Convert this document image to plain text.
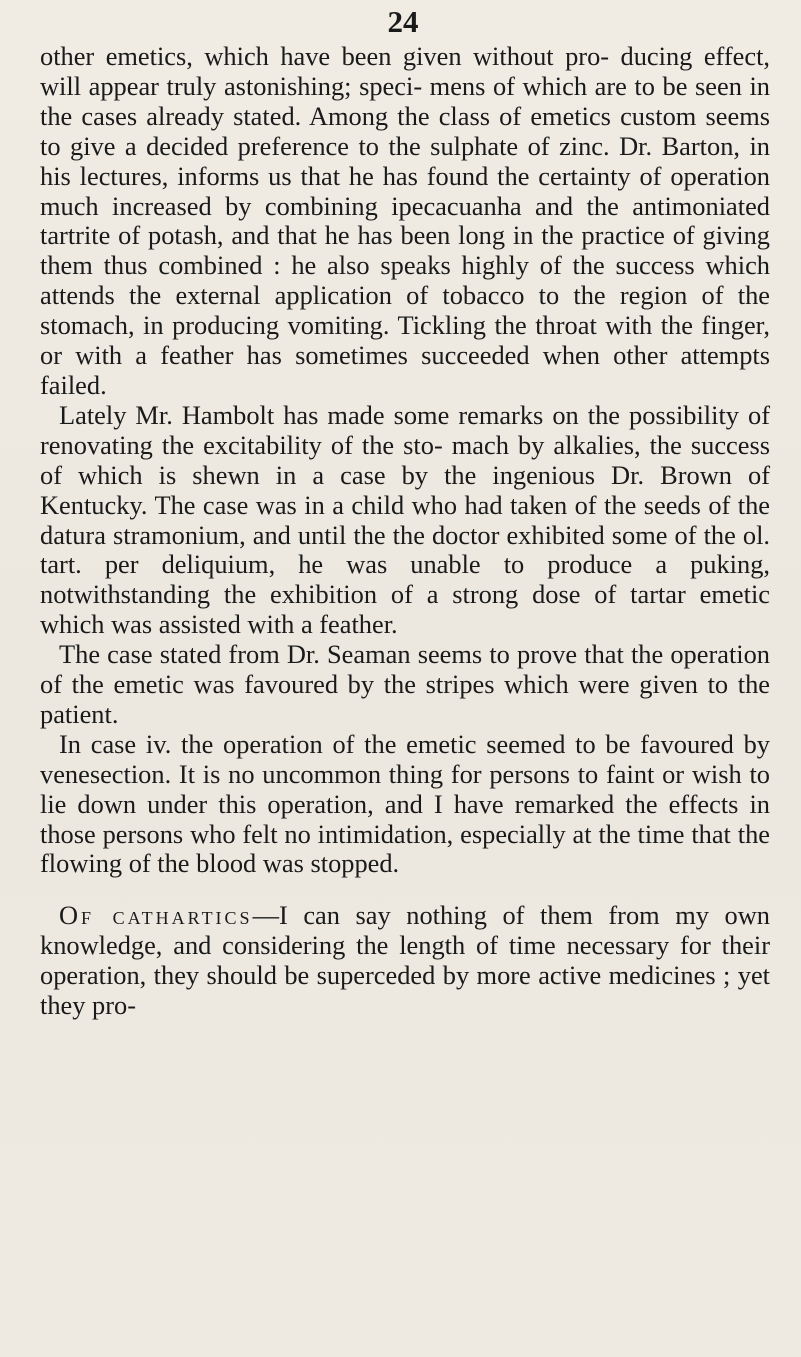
24

other emetics, which have been given without pro- ducing effect, will appear truly astonishing; speci- mens of which are to be seen in the cases already stated. Among the class of emetics custom seems to give a decided preference to the sulphate of zinc. Dr. Barton, in his lectures, informs us that he has found the certainty of operation much increased by combining ipecacuanha and the antimoniated tartrite of potash, and that he has been long in the practice of giving them thus combined : he also speaks highly of the success which attends the external application of tobacco to the region of the stomach, in producing vomiting. Tickling the throat with the finger, or with a feather has sometimes succeeded when other attempts failed.

Lately Mr. Hambolt has made some remarks on the possibility of renovating the excitability of the sto- mach by alkalies, the success of which is shewn in a case by the ingenious Dr. Brown of Kentucky. The case was in a child who had taken of the seeds of the datura stramonium, and until the the doctor exhibited some of the ol. tart. per deliquium, he was unable to produce a puking, notwithstanding the exhibition of a strong dose of tartar emetic which was assisted with a feather.

The case stated from Dr. Seaman seems to prove that the operation of the emetic was favoured by the stripes which were given to the patient.

In case iv. the operation of the emetic seemed to be favoured by venesection. It is no uncommon thing for persons to faint or wish to lie down under this operation, and I have remarked the effects in those persons who felt no intimidation, especially at the time that the flowing of the blood was stopped.

Of cathartics—I can say nothing of them from my own knowledge, and considering the length of time necessary for their operation, they should be superceded by more active medicines ; yet they pro-
